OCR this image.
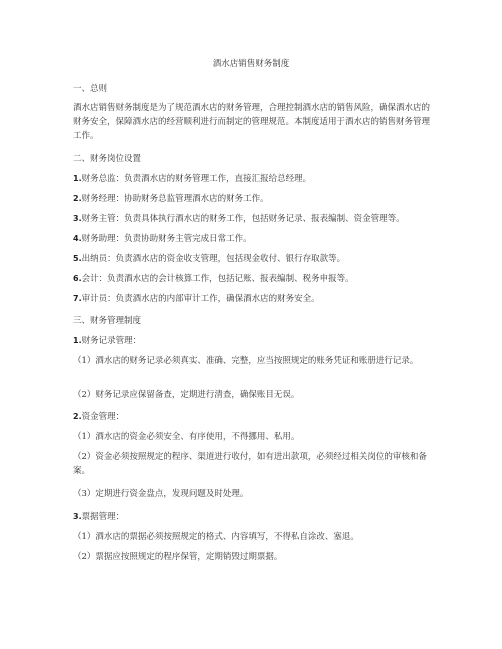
酒水店销售财务制度
一、总则
酒水店销售财务制度是为了规范酒水店的财务管理，合理控制酒水店的销售风险，确保酒水店的财务安全，保障酒水店的经营顺利进行而制定的管理规范。本制度适用于酒水店的销售财务管理工作。
二、财务岗位设置
1.财务总监：负责酒水店的财务管理工作，直接汇报给总经理。
2.财务经理：协助财务总监管理酒水店的财务工作。
3.财务主管：负责具体执行酒水店的财务工作，包括财务记录、报表编制、资金管理等。
4.财务助理：负责协助财务主管完成日常工作。
5.出纳员：负责酒水店的资金收支管理，包括现金收付、银行存取款等。
6.会计：负责酒水店的会计核算工作，包括记账、报表编制、税务申报等。
7.审计员：负责酒水店的内部审计工作，确保酒水店的财务安全。
三、财务管理制度
1.财务记录管理：
（1）酒水店的财务记录必须真实、准确、完整，应当按照规定的账务凭证和账册进行记录。
（2）财务记录应保留备查，定期进行清查，确保账目无误。
2.资金管理：
（1）酒水店的资金必须安全、有序使用，不得挪用、私用。
（2）资金必须按照规定的程序、渠道进行收付，如有进出款项，必须经过相关岗位的审核和备案。
（3）定期进行资金盘点，发现问题及时处理。
3.票据管理：
（1）酒水店的票据必须按照规定的格式、内容填写，不得私自涂改、塞退。
（2）票据应按照规定的程序保管，定期销毁过期票据。
